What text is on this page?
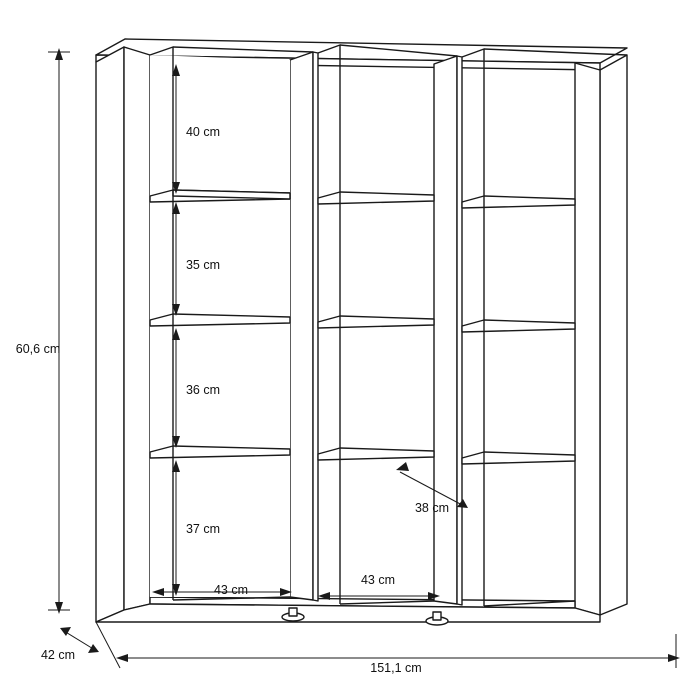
60,6 cm
40 cm
35 cm
36 cm
37 cm
38 cm
43 cm
43 cm
42 cm
151,1 cm
